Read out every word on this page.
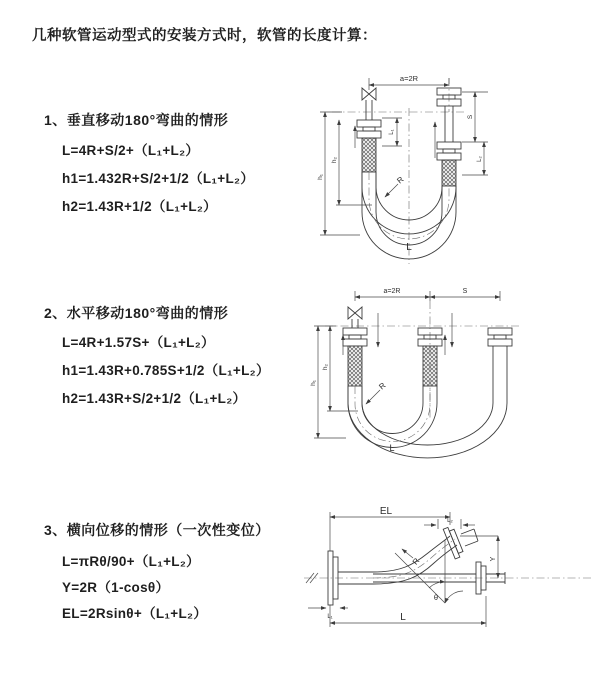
几种软管运动型式的安装方式时，软管的长度计算：
1、垂直移动180°弯曲的情形
L=4R+S/2+（L₁+L₂）
h1=1.432R+S/2+1/2（L₁+L₂）
h2=1.43R+1/2（L₁+L₂）
2、水平移动180°弯曲的情形
L=4R+1.57S+（L₁+L₂）
h1=1.43R+0.785S+1/2（L₁+L₂）
h2=1.43R+S/2+1/2（L₁+L₂）
3、横向位移的情形（一次性变位）
L=πRθ/90+（L₁+L₂）
Y=2R（1-cosθ）
EL=2Rsinθ+（L₁+L₂）
a=2R
h₁
h₂
L₁
S
L₂
R
L
a=2R	S
h₁
h₂
R
L
θ
EL
L₂
Y
R
L₁	L
